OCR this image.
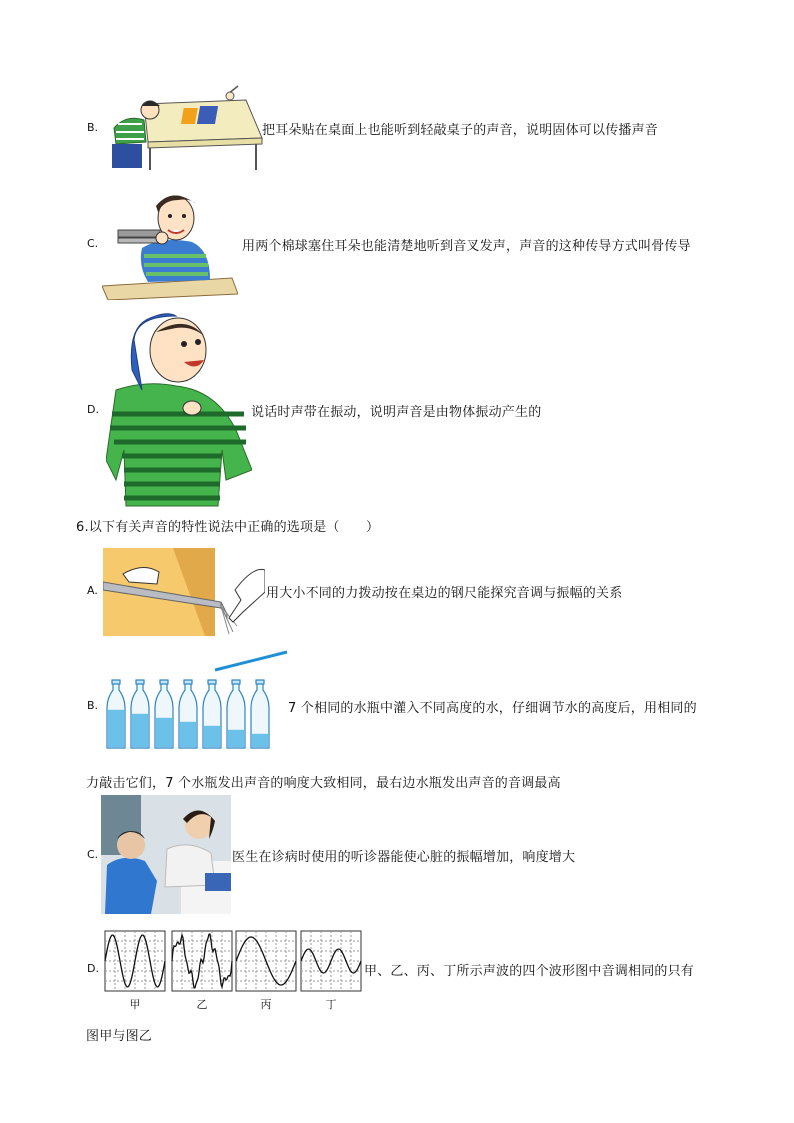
B.	把耳朵贴在桌面上也能听到轻敲桌子的声音，说明固体可以传播声音
C.	用两个棉球塞住耳朵也能清楚地听到音叉发声，声音的这种传导方式叫骨传导
D.	说话时声带在振动，说明声音是由物体振动产生的
6.以下有关声音的特性说法中正确的选项是（　　）
A.	用大小不同的力拨动按在桌边的钢尺能探究音调与振幅的关系
B.	7 个相同的水瓶中灌入不同高度的水，仔细调节水的高度后，用相同的
力敲击它们，7 个水瓶发出声音的响度大致相同，最右边水瓶发出声音的音调最高
C.	医生在诊病时使用的听诊器能使心脏的振幅增加，响度增大
D.
甲	乙	丙	丁
甲、乙、丙、丁所示声波的四个波形图中音调相同的只有
图甲与图乙
